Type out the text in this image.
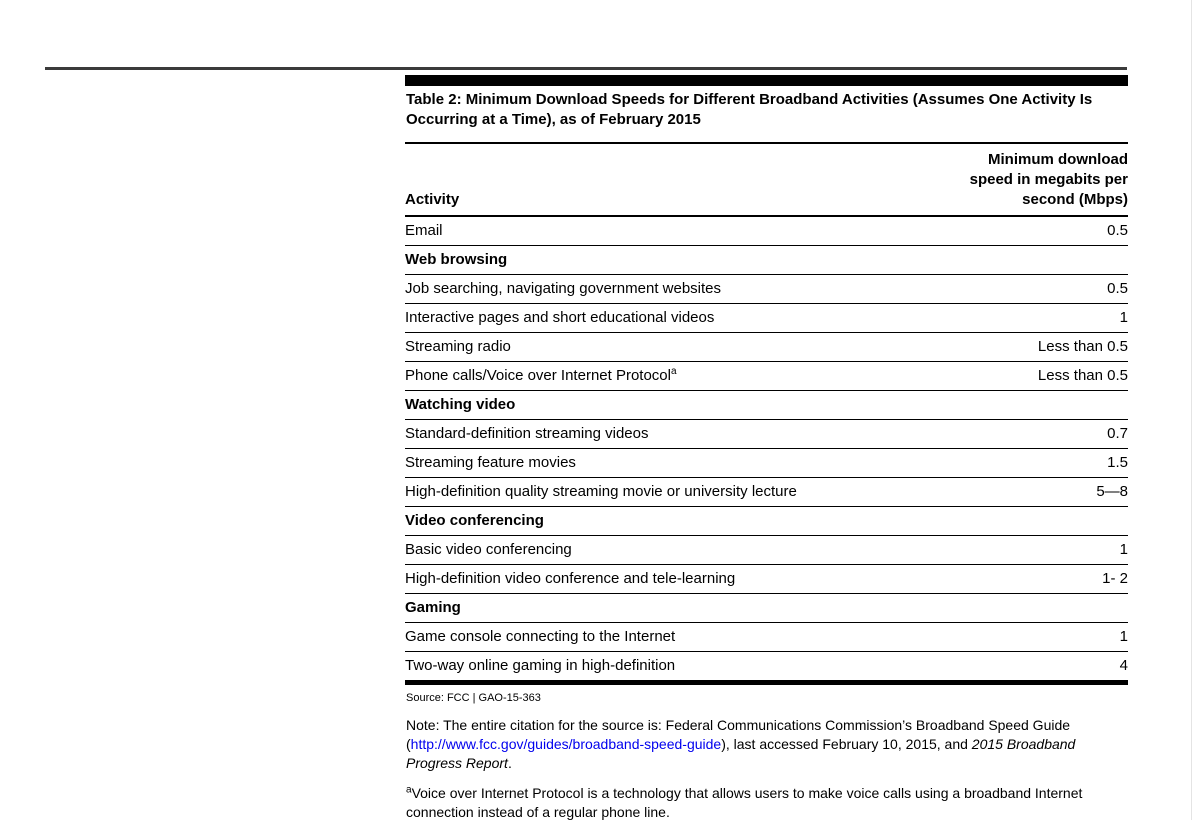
Table 2: Minimum Download Speeds for Different Broadband Activities (Assumes One Activity Is Occurring at a Time), as of February 2015
Activity	Minimum download speed in megabits per second (Mbps)
Email	0.5
Web browsing	
Job searching, navigating government websites	0.5
Interactive pages and short educational videos	1
Streaming radio	Less than 0.5
Phone calls/Voice over Internet Protocol$^a$	Less than 0.5
Watching video	
Standard-definition streaming videos	0.7
Streaming feature movies	1.5
High-definition quality streaming movie or university lecture	5—8
Video conferencing	
Basic video conferencing	1
High-definition video conference and tele-learning	1- 2
Gaming	
Game console connecting to the Internet	1
Two-way online gaming in high-definition	4
Source: FCC | GAO-15-363

Note: The entire citation for the source is: Federal Communications Commission’s Broadband Speed Guide (http://www.fcc.gov/guides/broadband-speed-guide), last accessed February 10, 2015, and 2015 Broadband Progress Report.

$^a$Voice over Internet Protocol is a technology that allows users to make voice calls using a broadband Internet connection instead of a regular phone line.
